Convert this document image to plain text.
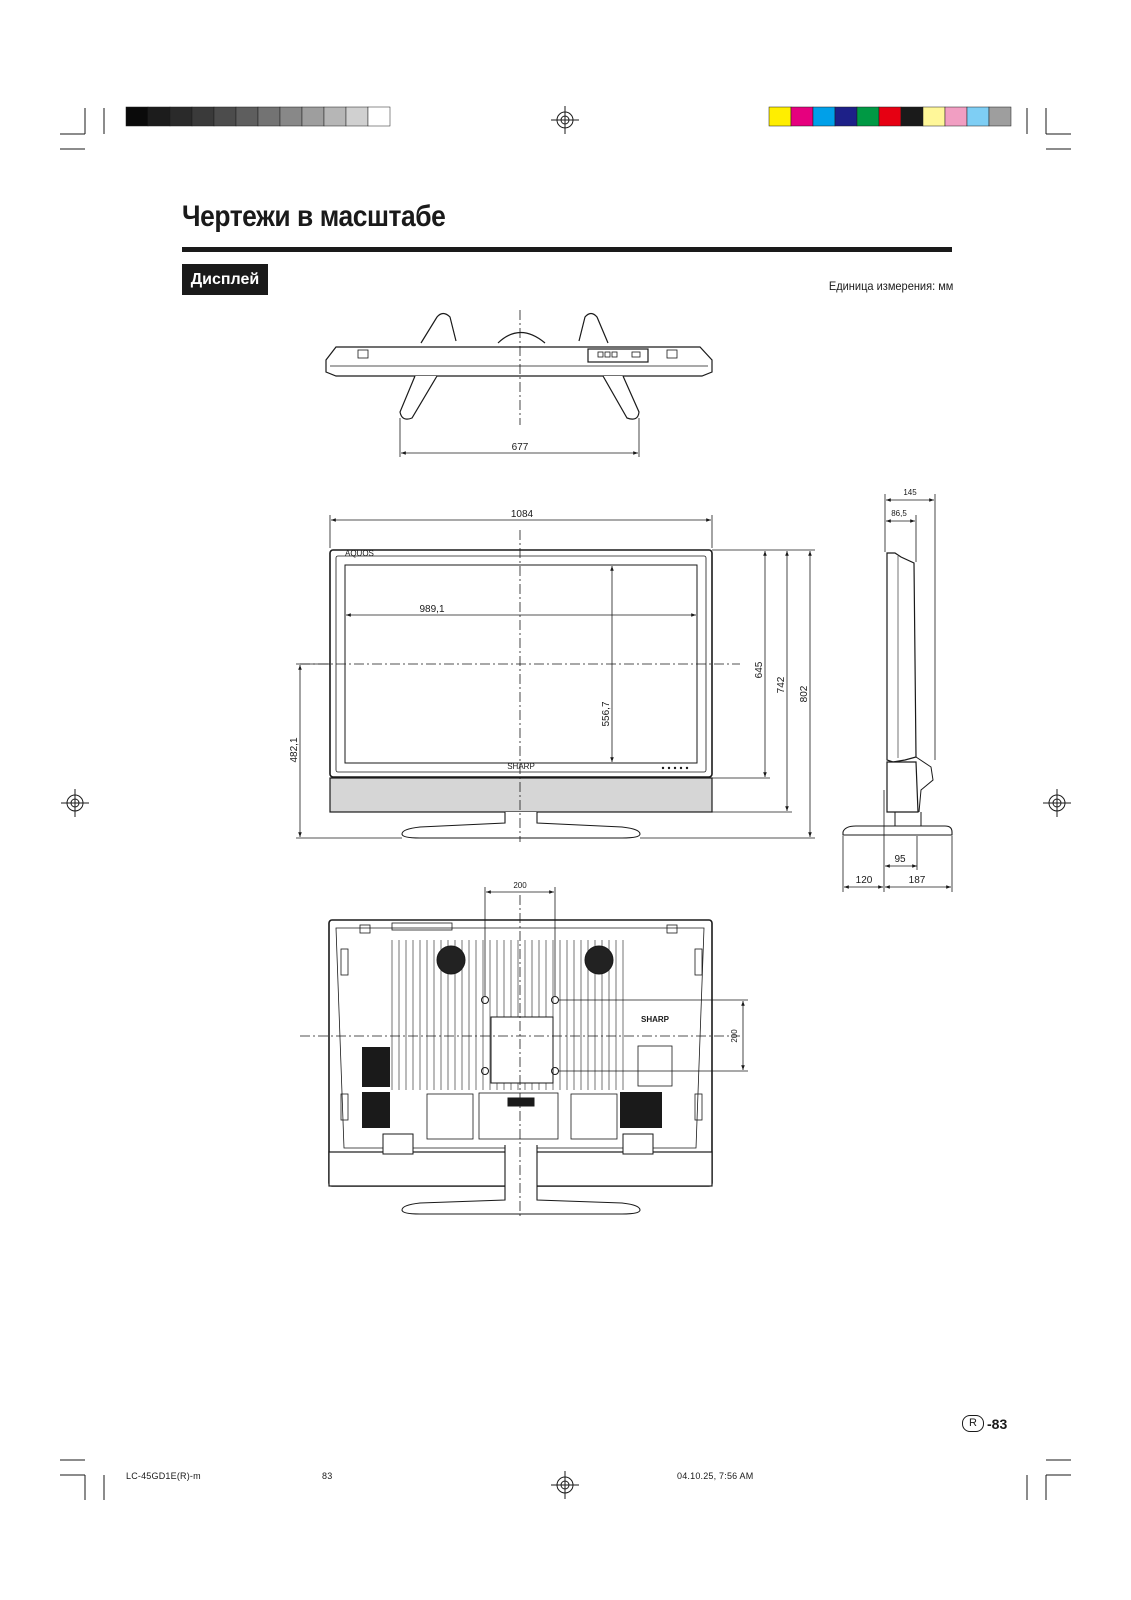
Чертежи в масштабе
Дисплей	Единица измерения: мм
677
AQUOS
SHARP
1084
989,1
556,7
645
742
802
482,1
145
86,5
95
120	187
SHARP
200
200
R -83
LC-45GD1E(R)-m	83	04.10.25, 7:56 AM
